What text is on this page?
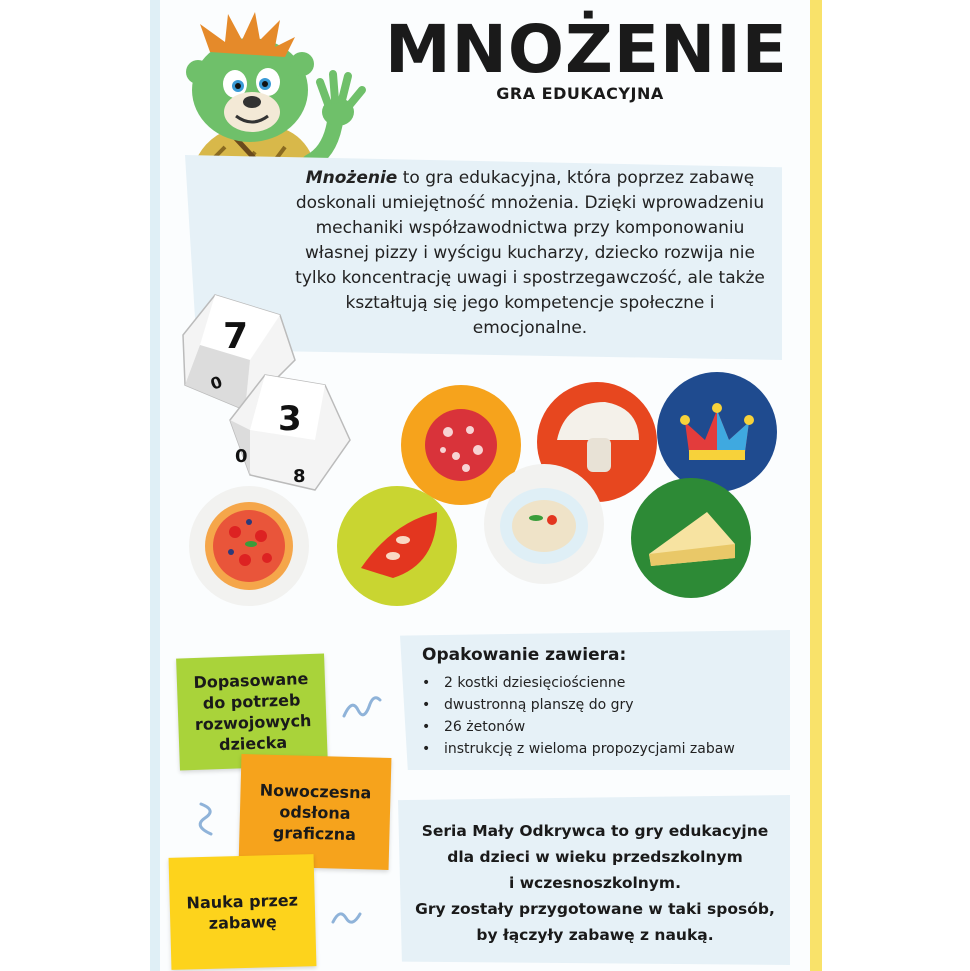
MNOŻENIE
GRA EDUKACYJNA
Mnożenie to gra edukacyjna, która poprzez zabawę doskonali umiejętność mnożenia. Dzięki wprowadzeniu mechaniki współzawodnictwa przy komponowaniu własnej pizzy i wyścigu kucharzy, dziecko rozwija nie tylko koncentrację uwagi i spostrzegawczość, ale także kształtują się jego kompetencje społeczne i emocjonalne.
7
0
3
0
8
Dopasowane do potrzeb rozwojowych dziecka
Nowoczesna odsłona graficzna
Nauka przez zabawę
Opakowanie zawiera:
• 2 kostki dziesięciościenne
• dwustronną planszę do gry
• 26 żetonów
• instrukcję z wieloma propozycjami zabaw
Seria Mały Odkrywca to gry edukacyjne
dla dzieci w wieku przedszkolnym
i wczesnoszkolnym.
Gry zostały przygotowane w taki sposób,
by łączyły zabawę z nauką.
